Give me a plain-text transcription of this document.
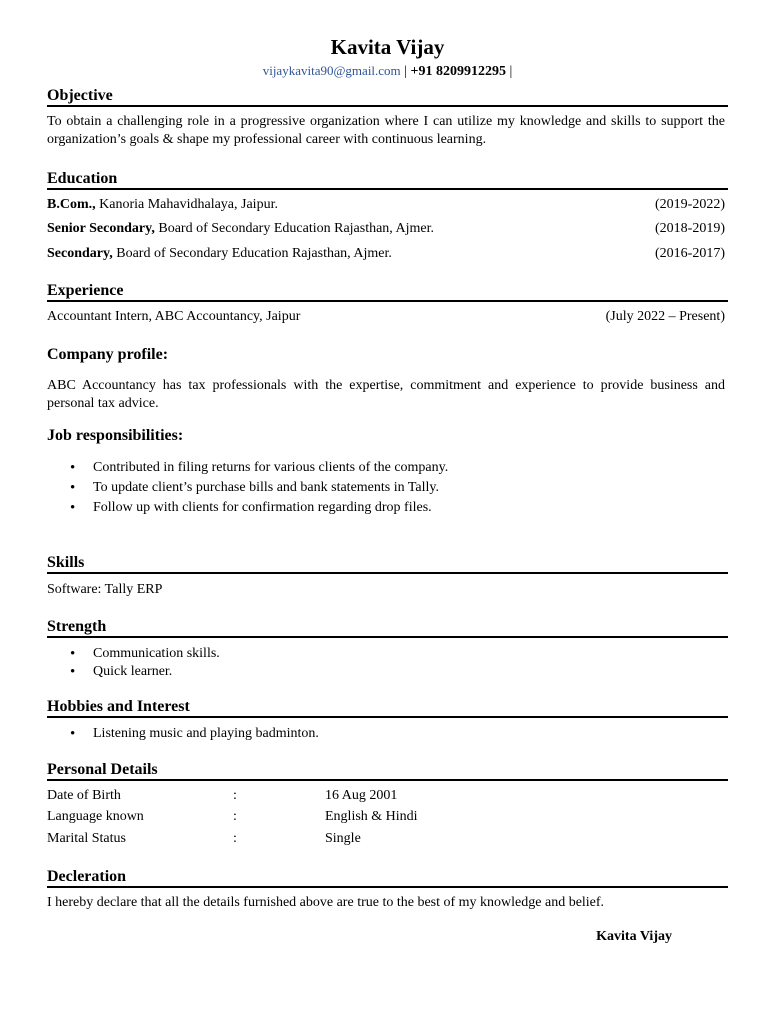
Kavita Vijay
vijaykavita90@gmail.com | +91 8209912295 |
Objective
To obtain a challenging role in a progressive organization where I can utilize my knowledge and skills to support the organization’s goals & shape my professional career with continuous learning.
Education
B.Com., Kanoria Mahavidhalaya, Jaipur.	(2019-2022)
Senior Secondary, Board of Secondary Education Rajasthan, Ajmer.	(2018-2019)
Secondary, Board of Secondary Education Rajasthan, Ajmer.	(2016-2017)
Experience
Accountant Intern, ABC Accountancy, Jaipur	(July 2022 – Present)
Company profile:
ABC Accountancy has tax professionals with the expertise, commitment and experience to provide business and personal tax advice.
Job responsibilities:
• Contributed in filing returns for various clients of the company.
• To update client’s purchase bills and bank statements in Tally.
• Follow up with clients for confirmation regarding drop files.
Skills
Software: Tally ERP
Strength
• Communication skills.
• Quick learner.
Hobbies and Interest
• Listening music and playing badminton.
Personal Details
Date of Birth	:	16 Aug 2001
Language known	:	English & Hindi
Marital Status	:	Single
Decleration
I hereby declare that all the details furnished above are true to the best of my knowledge and belief.
Kavita Vijay
